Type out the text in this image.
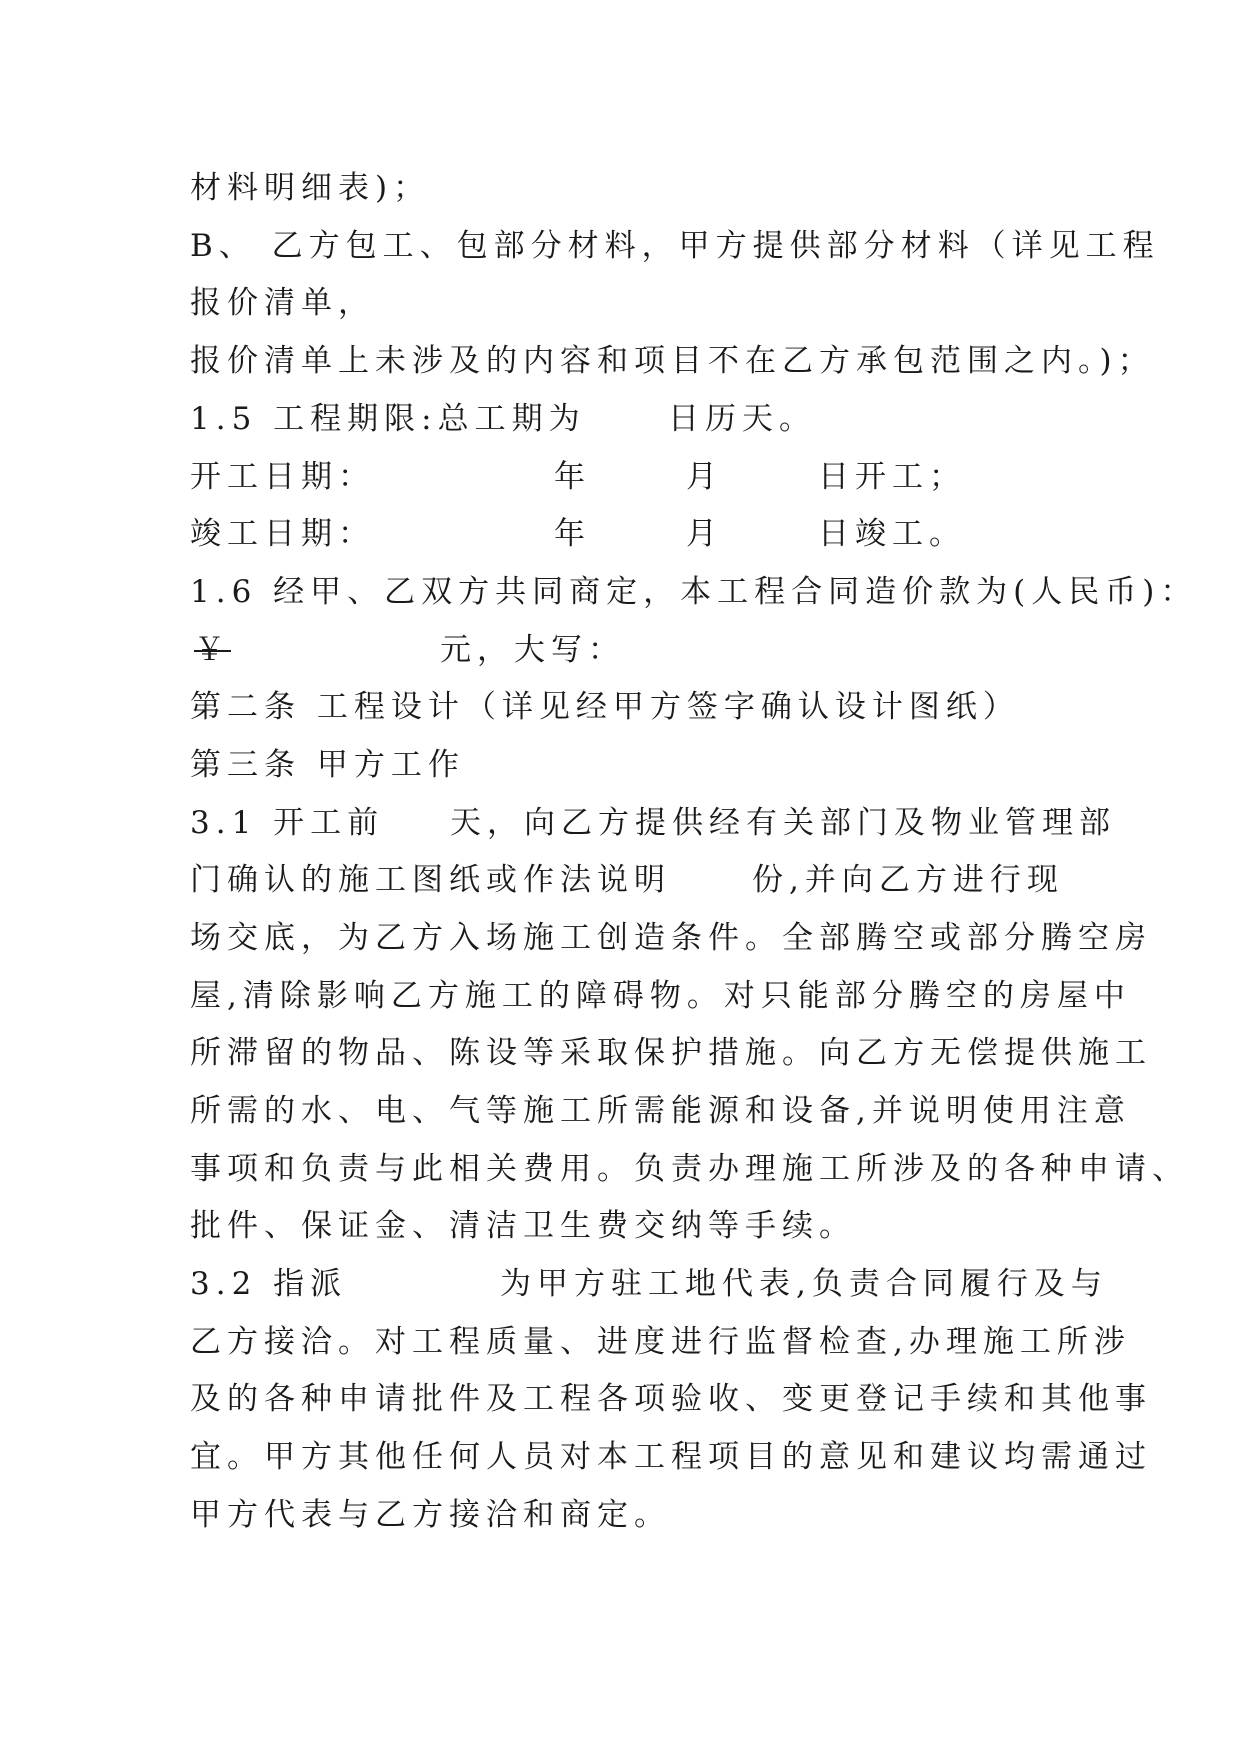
材料明细表)；
B、 乙方包工、包部分材料，甲方提供部分材料（详见工程
报价清单，
报价清单上未涉及的内容和项目不在乙方承包范围之内。)；
1.5 工程期限:总工期为	日历天。
开工日期：	年	月	日开工；
竣工日期：	年	月	日竣工。
1.6 经甲、乙双方共同商定，本工程合同造价款为(人民币)：
￥	元，大写：
第二条 工程设计（详见经甲方签字确认设计图纸）
第三条 甲方工作
3.1 开工前 天，向乙方提供经有关部门及物业管理部
门确认的施工图纸或作法说明	份,并向乙方进行现
场交底，为乙方入场施工创造条件。全部腾空或部分腾空房
屋,清除影响乙方施工的障碍物。对只能部分腾空的房屋中
所滞留的物品、陈设等采取保护措施。向乙方无偿提供施工
所需的水、电、气等施工所需能源和设备,并说明使用注意
事项和负责与此相关费用。负责办理施工所涉及的各种申请、
批件、保证金、清洁卫生费交纳等手续。
3.2 指派	为甲方驻工地代表,负责合同履行及与
乙方接洽。对工程质量、进度进行监督检查,办理施工所涉
及的各种申请批件及工程各项验收、变更登记手续和其他事
宜。甲方其他任何人员对本工程项目的意见和建议均需通过
甲方代表与乙方接洽和商定。
